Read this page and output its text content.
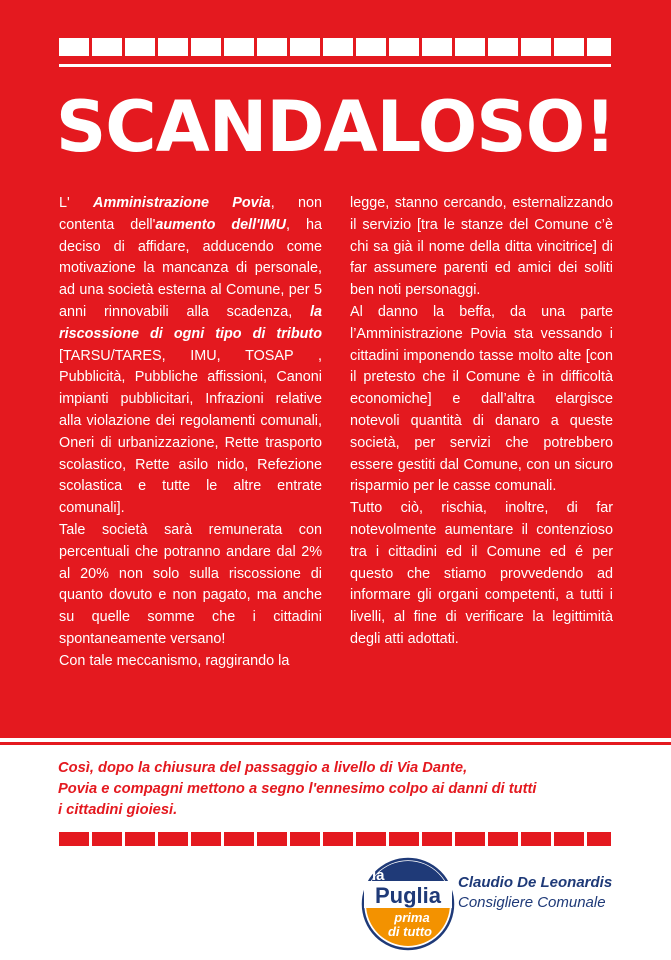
SCANDALOSO!

L' Amministrazione Povia, non contenta dell'aumento dell'IMU, ha deciso di affidare, adducendo come motivazione la mancanza di personale, ad una società esterna al Comune, per 5 anni rinnovabili alla scadenza, la riscossione di ogni tipo di tributo [TARSU/TARES, IMU, TOSAP , Pubblicità, Pubbliche affissioni, Canoni impianti pubblicitari, Infrazioni relative alla violazione dei regolamenti comunali, Oneri di urbanizzazione, Rette trasporto scolastico, Rette asilo nido, Refezione scolastica e tutte le altre entrate comunali].

Tale società sarà remunerata con percentuali che potranno andare dal 2% al 20% non solo sulla riscossione di quanto dovuto e non pagato, ma anche su quelle somme che i cittadini spontaneamente versano!

Con tale meccanismo, raggirando la

legge, stanno cercando, esternalizzando il servizio [tra le stanze del Comune c’è chi sa già il nome della ditta vincitrice] di far assumere parenti ed amici dei soliti ben noti personaggi.

Al danno la beffa, da una parte l’Amministrazione Povia sta vessando i cittadini imponendo tasse molto alte [con il pretesto che il Comune è in difficoltà economiche] e dall’altra elargisce notevoli quantità di danaro a queste società, per servizi che potrebbero essere gestiti dal Comune, con un sicuro risparmio per le casse comunali.

Tutto ciò, rischia, inoltre, di far notevolmente aumentare il contenzioso tra i cittadini ed il Comune ed é per questo che stiamo provvedendo ad informare gli organi competenti, a tutti i livelli, al fine di verificare la legittimità degli atti adottati.

Così, dopo la chiusura del passaggio a livello di Via Dante,
Povia e compagni mettono a segno l'ennesimo colpo ai danni di tutti
i cittadini gioiesi.

la
Puglia
prima
di tutto
Claudio De Leonardis
Consigliere Comunale
